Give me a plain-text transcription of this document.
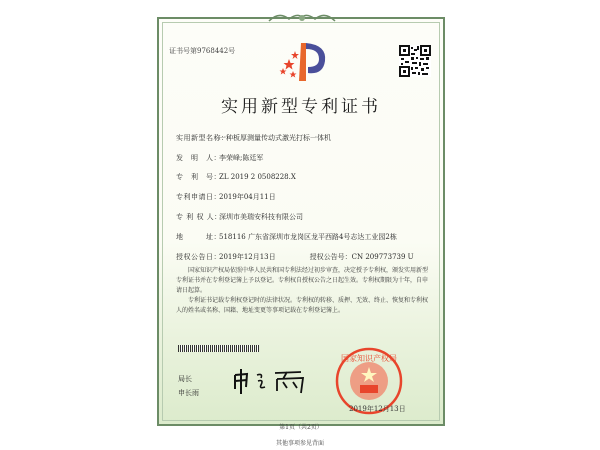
证书号第9768442号
实用新型专利证书
实用新型名称：一种板厚测量传动式激光打标一体机
发　明　人：李荣峰;陈廷军
专　利　号：ZL 2019 2 0508228.X
专利申请日：2019年04月11日
专 利 权 人：深圳市美瑞安科技有限公司
地　　　址：518116 广东省深圳市龙岗区龙平西路4号志达工业园2栋
授权公告日：2019年12月13日	授权公告号：CN 209773739 U
国家知识产权局依照中华人民共和国专利法经过初步审查，决定授予专利权，颁发实用新型专利证书并在专利登记簿上予以登记。专利权自授权公告之日起生效。专利权期限为十年，自申请日起算。
专利证书记载专利权登记时的法律状况。专利权的转移、质押、无效、终止、恢复和专利权人的姓名或名称、国籍、地址变更等事项记载在专利登记簿上。
局长
申长雨
国家知识产权局
2019年12月13日
第1页（共2页）
其他事项参见背面
